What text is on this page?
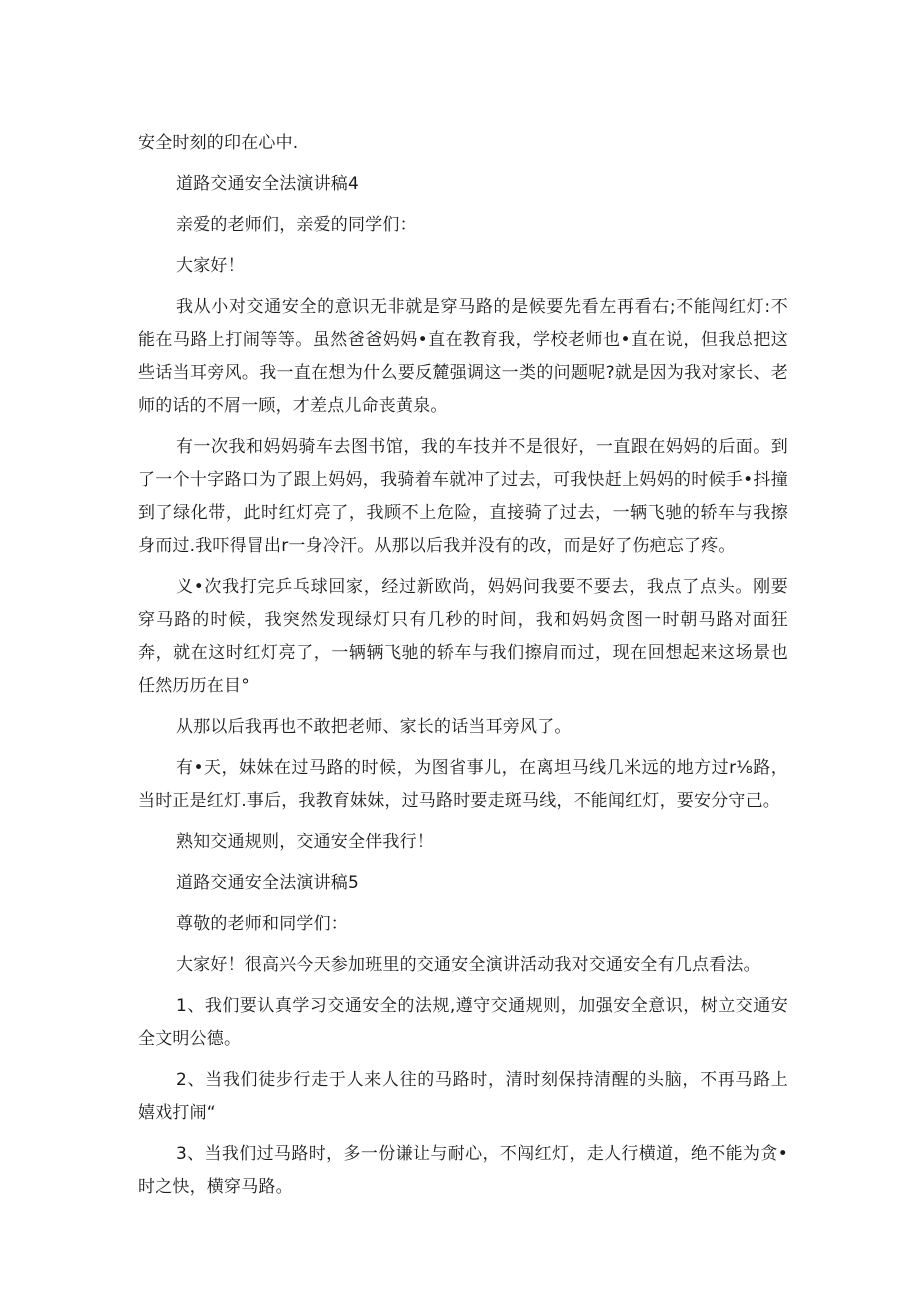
安全时刻的印在心中.

道路交通安全法演讲稿4

亲爱的老师们，亲爱的同学们：

大家好！

我从小对交通安全的意识无非就是穿马路的是候要先看左再看右;不能闯红灯:不能在马路上打闹等等。虽然爸爸妈妈•直在教育我，学校老师也•直在说，但我总把这些话当耳旁风。我一直在想为什么要反麓强调这一类的问题呢?就是因为我对家长、老师的话的不屑一顾，才差点儿命丧黄泉。

有一次我和妈妈骑车去图书馆，我的车技并不是很好，一直跟在妈妈的后面。到了一个十字路口为了跟上妈妈，我骑着车就冲了过去，可我快赶上妈妈的时候手•抖撞到了绿化带，此时红灯亮了，我顾不上危险，直接骑了过去，一辆飞驰的轿车与我擦身而过.我吓得冒出r一身冷汗。从那以后我并没有的改，而是好了伤疤忘了疼。

义•次我打完乒乓球回家，经过新欧尚，妈妈问我要不要去，我点了点头。刚要穿马路的时候，我突然发现绿灯只有几秒的时间，我和妈妈贪图一时朝马路对面狂奔，就在这时红灯亮了，一辆辆飞驰的轿车与我们擦肩而过，现在回想起来这场景也任然历历在目°

从那以后我再也不敢把老师、家长的话当耳旁风了。

有•天，妹妹在过马路的时候，为图省事儿，在离坦马线几米远的地方过r⅛路，当时正是红灯.事后，我教育妹妹，过马路时要走斑马线，不能闻红灯，要安分守己。

熟知交通规则，交通安全伴我行！

道路交通安全法演讲稿5

尊敬的老师和同学们：

大家好！很高兴今天参加班里的交通安全演讲活动我对交通安全有几点看法。

1、我们要认真学习交通安全的法规,遵守交通规则，加强安全意识，树立交通安全文明公德。

2、当我们徒步行走于人来人往的马路时，清时刻保持清醒的头脑，不再马路上嬉戏打闹“

3、当我们过马路时，多一份谦让与耐心，不闯红灯，走人行横道，绝不能为贪•时之快，横穿马路。
